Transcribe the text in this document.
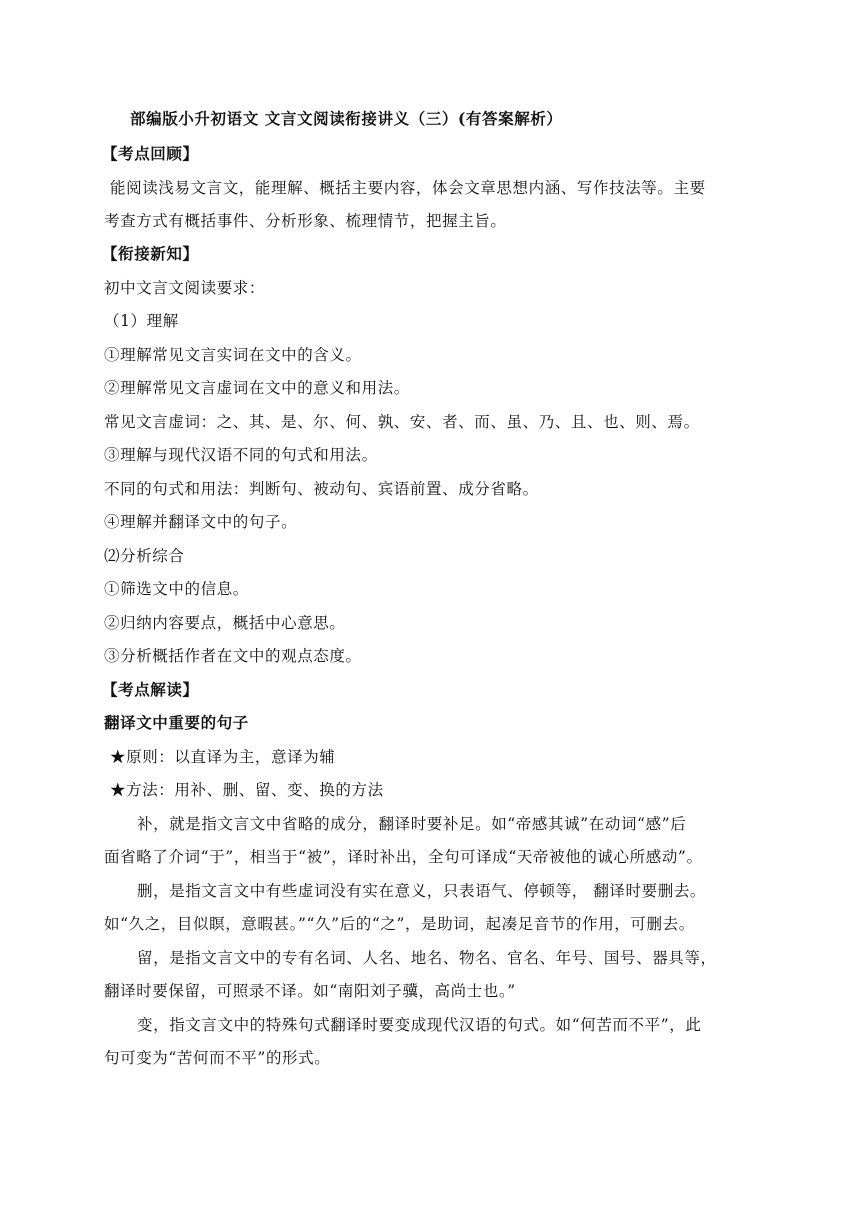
部编版小升初语文 文言文阅读衔接讲义（三）(有答案解析）
【考点回顾】
能阅读浅易文言文，能理解、概括主要内容，体会文章思想内涵、写作技法等。主要
考查方式有概括事件、分析形象、梳理情节，把握主旨。
【衔接新知】
初中文言文阅读要求：
（1）理解
①理解常见文言实词在文中的含义。
②理解常见文言虚词在文中的意义和用法。
常见文言虚词：之、其、是、尔、何、孰、安、者、而、虽、乃、且、也、则、焉。
③理解与现代汉语不同的句式和用法。
不同的句式和用法：判断句、被动句、宾语前置、成分省略。
④理解并翻译文中的句子。
⑵分析综合
①筛选文中的信息。
②归纳内容要点，概括中心意思。
③分析概括作者在文中的观点态度。
【考点解读】
翻译文中重要的句子
★原则：以直译为主，意译为辅
★方法：用补、删、留、变、换的方法
补，就是指文言文中省略的成分，翻译时要补足。如“帝感其诚”在动词“感”后
面省略了介词“于”，相当于“被”，译时补出，全句可译成“天帝被他的诚心所感动”。
删，是指文言文中有些虚词没有实在意义，只表语气、停顿等， 翻译时要删去。
如“久之，目似瞑，意暇甚。”“久”后的“之”，是助词，起凑足音节的作用，可删去。
留，是指文言文中的专有名词、人名、地名、物名、官名、年号、国号、器具等，
翻译时要保留，可照录不译。如“南阳刘子骥，高尚士也。”
变，指文言文中的特殊句式翻译时要变成现代汉语的句式。如“何苦而不平”，此
句可变为“苦何而不平”的形式。
